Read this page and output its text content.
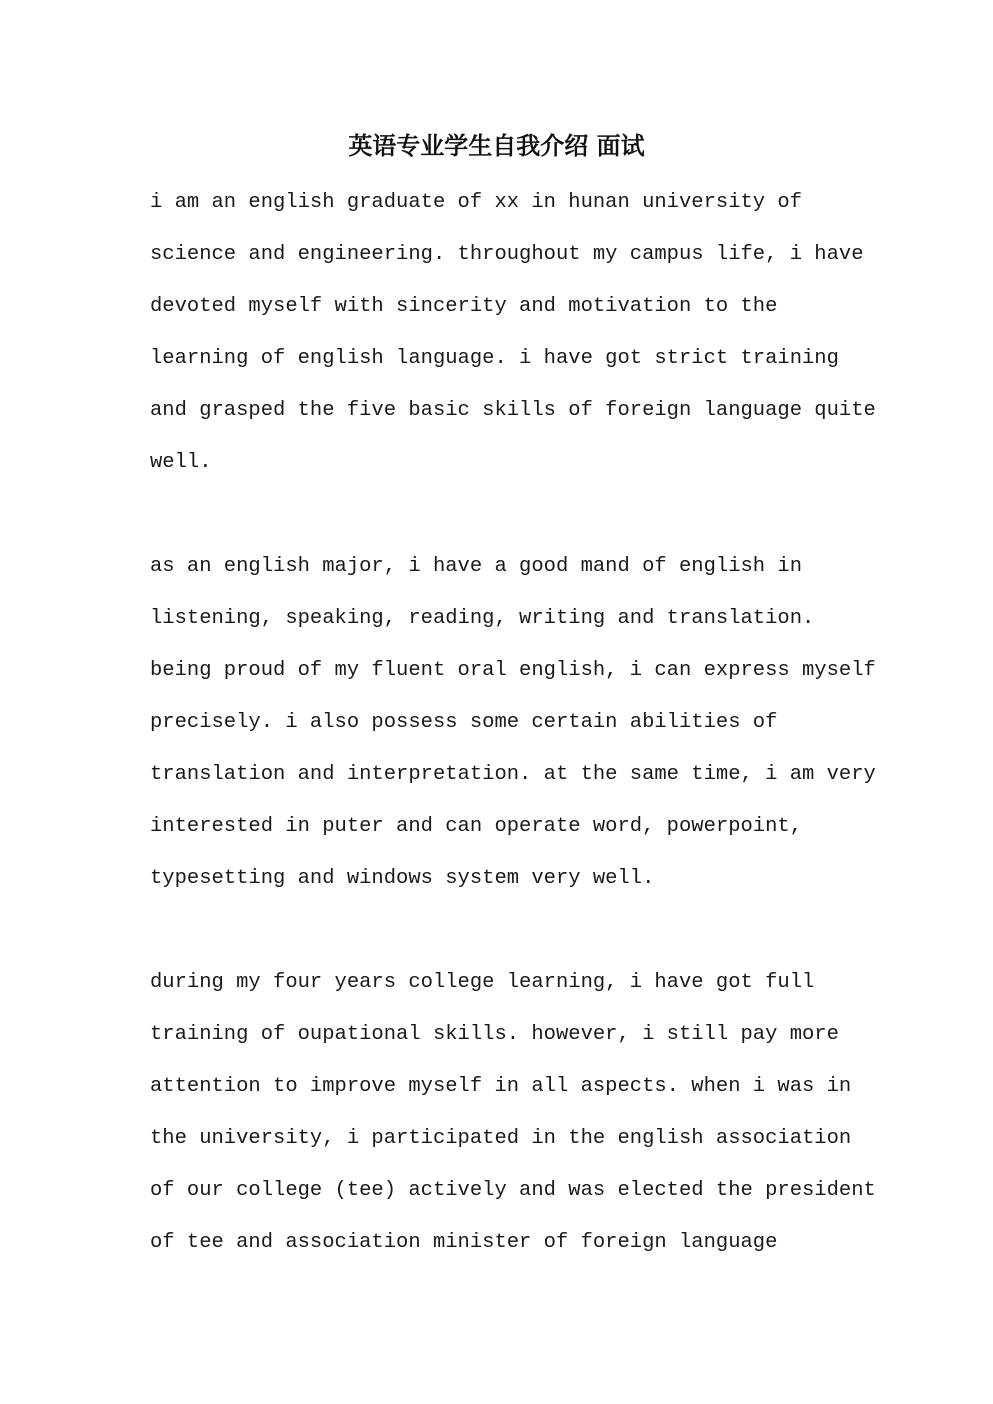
英语专业学生自我介绍 面试
i am an english graduate of xx in hunan university of
science and engineering. throughout my campus life, i have
devoted myself with sincerity and motivation to the
learning of english language. i have got strict training
and grasped the five basic skills of foreign language quite
well.
as an english major, i have a good mand of english in
listening, speaking, reading, writing and translation.
being proud of my fluent oral english, i can express myself
precisely. i also possess some certain abilities of
translation and interpretation. at the same time, i am very
interested in puter and can operate word, powerpoint,
typesetting and windows system very well.
during my four years college learning, i have got full
training of oupational skills. however, i still pay more
attention to improve myself in all aspects. when i was in
the university, i participated in the english association
of our college (tee) actively and was elected the president
of tee and association minister of foreign language
